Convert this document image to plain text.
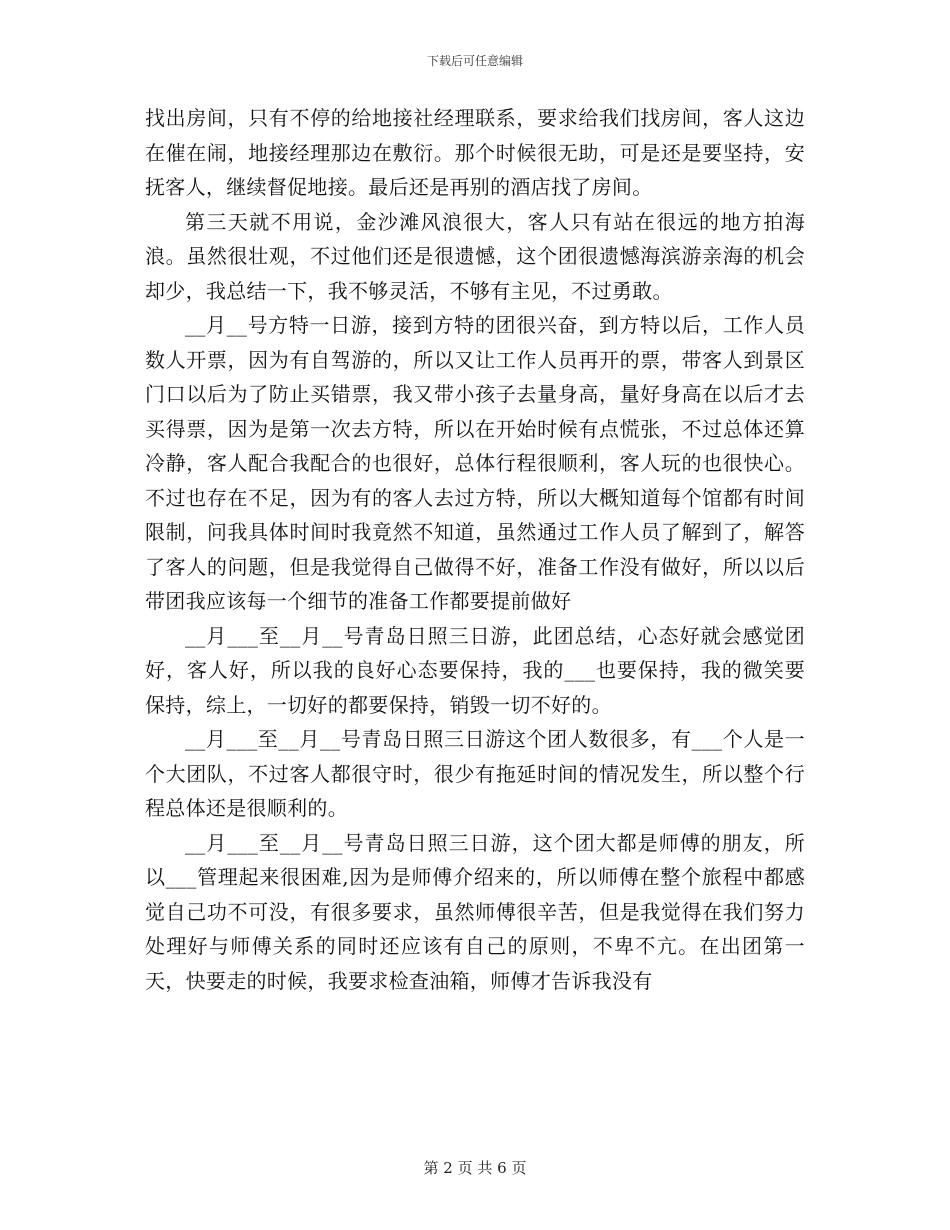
下载后可任意编辑

找出房间，只有不停的给地接社经理联系，要求给我们找房间，客人这边在催在闹，地接经理那边在敷衍。那个时候很无助，可是还是要坚持，安抚客人，继续督促地接。最后还是再别的酒店找了房间。

第三天就不用说，金沙滩风浪很大，客人只有站在很远的地方拍海浪。虽然很壮观，不过他们还是很遗憾，这个团很遗憾海滨游亲海的机会却少，我总结一下，我不够灵活，不够有主见，不过勇敢。

__月__号方特一日游，接到方特的团很兴奋，到方特以后，工作人员数人开票，因为有自驾游的，所以又让工作人员再开的票，带客人到景区门口以后为了防止买错票，我又带小孩子去量身高，量好身高在以后才去买得票，因为是第一次去方特，所以在开始时候有点慌张，不过总体还算冷静，客人配合我配合的也很好，总体行程很顺利，客人玩的也很快心。不过也存在不足，因为有的客人去过方特，所以大概知道每个馆都有时间限制，问我具体时间时我竟然不知道，虽然通过工作人员了解到了，解答了客人的问题，但是我觉得自己做得不好，准备工作没有做好，所以以后带团我应该每一个细节的准备工作都要提前做好

__月___至__月__号青岛日照三日游，此团总结，心态好就会感觉团好，客人好，所以我的良好心态要保持，我的___也要保持，我的微笑要保持，综上，一切好的都要保持，销毁一切不好的。

__月___至__月__号青岛日照三日游这个团人数很多，有___个人是一个大团队，不过客人都很守时，很少有拖延时间的情况发生，所以整个行程总体还是很顺利的。

__月___至__月__号青岛日照三日游，这个团大都是师傅的朋友，所以___管理起来很困难,因为是师傅介绍来的，所以师傅在整个旅程中都感觉自己功不可没，有很多要求，虽然师傅很辛苦，但是我觉得在我们努力处理好与师傅关系的同时还应该有自己的原则，不卑不亢。在出团第一天，快要走的时候，我要求检查油箱，师傅才告诉我没有

第 2 页 共 6 页
